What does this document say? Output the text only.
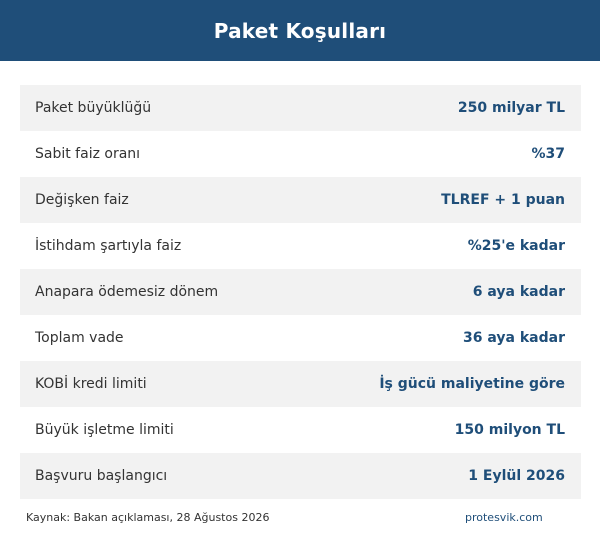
Paket Koşulları
Paket büyüklüğü	250 milyar TL
Sabit faiz oranı	%37
Değişken faiz	TLREF + 1 puan
İstihdam şartıyla faiz	%25'e kadar
Anapara ödemesiz dönem	6 aya kadar
Toplam vade	36 aya kadar
KOBİ kredi limiti	İş gücü maliyetine göre
Büyük işletme limiti	150 milyon TL
Başvuru başlangıcı	1 Eylül 2026
Kaynak: Bakan açıklaması, 28 Ağustos 2026	protesvik.com
